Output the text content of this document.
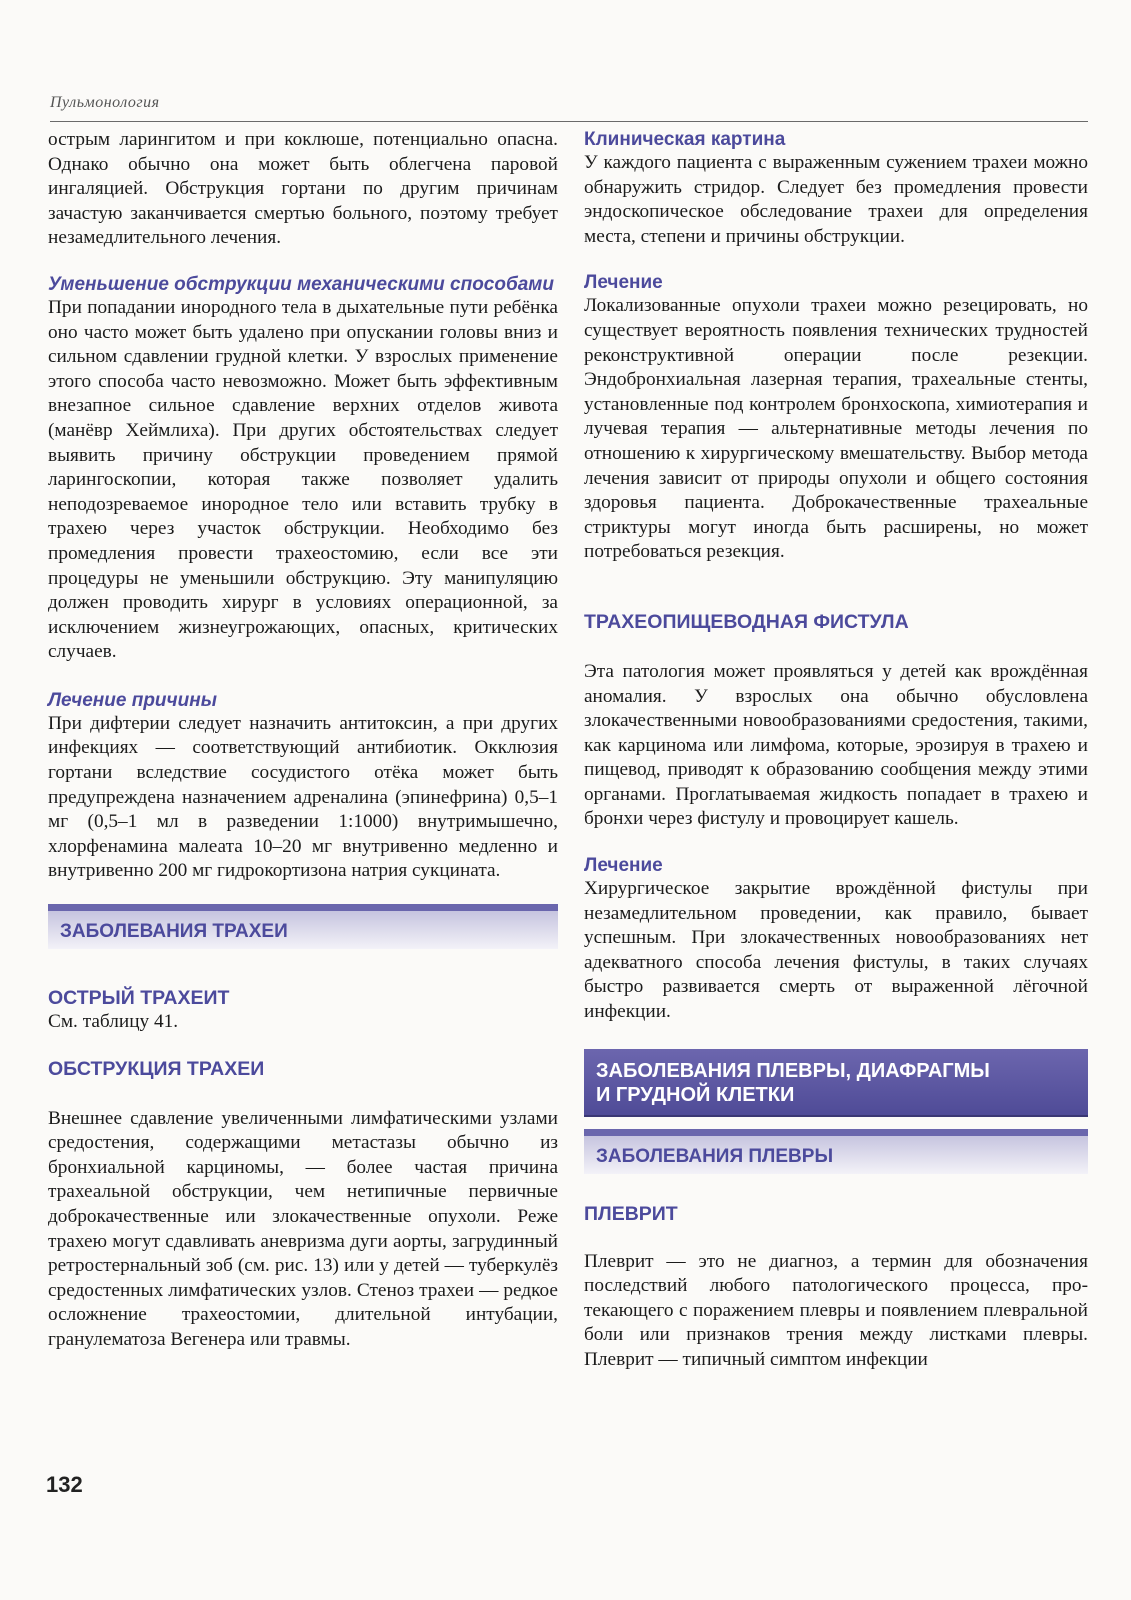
Пульмонология

острым ларингитом и при коклюше, потенциально опасна. Однако обычно она может быть облегчена паровой ингаляцией. Обструкция гортани по другим причинам зачастую заканчивается смертью больного, поэтому требует незамедлительного лечения.

Уменьшение обструкции механическими способами

При попадании инородного тела в дыхательные пути ребёнка оно часто может быть удалено при опускании головы вниз и сильном сдавлении грудной клетки. У взрослых применение этого способа часто невозможно. Может быть эффективным внезапное сильное сдавление верхних отделов живота (манёвр Хеймлиха). При других обстоятельствах следует выявить причину обструкции проведением прямой ларингоскопии, которая также позволяет удалить неподозреваемое инородное тело или вставить трубку в трахею через участок обструкции. Необходимо без промедления провести трахеостомию, если все эти процедуры не уменьшили обструкцию. Эту манипуляцию должен проводить хирург в условиях операционной, за исключением жизнеугрожающих, опасных, критических случаев.

Лечение причины

При дифтерии следует назначить антитоксин, а при других инфекциях — соответствующий антибиотик. Окклюзия гортани вследствие сосудистого отёка может быть предупреждена назначением адреналина (эпинефрина) 0,5–1 мг (0,5–1 мл в разведении 1:1000) внутримышечно, хлорфенамина малеата 10–20 мг внутривенно медленно и внутривенно 200 мг гидрокортизона натрия сукцината.

ЗАБОЛЕВАНИЯ ТРАХЕИ
ОСТРЫЙ ТРАХЕИТ

См. таблицу 41.

ОБСТРУКЦИЯ ТРАХЕИ

Внешнее сдавление увеличенными лимфатическими узлами средостения, содержащими метастазы обычно из бронхиальной карциномы, — более частая причина трахеальной обструкции, чем нетипичные первичные доброкачественные или злокачественные опухоли. Реже трахею могут сдавливать аневризма дуги аорты, загрудинный ретростернальный зоб (см. рис. 13) или у детей — туберкулёз средостенных лимфатических узлов. Стеноз трахеи — редкое осложнение трахеостомии, длительной интубации, гранулематоза Вегенера или травмы.

Клиническая картина

У каждого пациента с выраженным сужением трахеи можно обнаружить стридор. Следует без промедления провести эндоскопическое обследование трахеи для определения места, степени и причины обструкции.

Лечение

Локализованные опухоли трахеи можно резецировать, но существует вероятность появления технических трудностей реконструктивной операции после резекции. Эндобронхиальная лазерная терапия, трахеальные стенты, установленные под контролем бронхоскопа, химиотерапия и лучевая терапия — альтернативные методы лечения по отношению к хирургическому вмешательству. Выбор метода лечения зависит от природы опухоли и общего состояния здоровья пациента. Доброкачественные трахеальные стриктуры могут иногда быть расширены, но может потребоваться резекция.

ТРАХЕОПИЩЕВОДНАЯ ФИСТУЛА

Эта патология может проявляться у детей как врождённая аномалия. У взрослых она обычно обусловлена злокачественными новообразованиями средостения, такими, как карцинома или лимфома, которые, эрозируя в трахею и пищевод, приводят к образованию сообщения между этими органами. Проглатываемая жидкость попадает в трахею и бронхи через фистулу и провоцирует кашель.

Лечение

Хирургическое закрытие врождённой фистулы при незамедлительном проведении, как правило, бывает успешным. При злокачественных новообразованиях нет адекватного способа лечения фистулы, в таких случаях быстро развивается смерть от выраженной лёгочной инфекции.

ЗАБОЛЕВАНИЯ ПЛЕВРЫ, ДИАФРАГМЫ
И ГРУДНОЙ КЛЕТКИ
ЗАБОЛЕВАНИЯ ПЛЕВРЫ
ПЛЕВРИТ

Плеврит — это не диагноз, а термин для обозначения последствий любого патологического процесса, протекающего с поражением плевры и появлением плевральной боли или признаков трения между листками плевры. Плеврит — типичный симптом инфекции

132
